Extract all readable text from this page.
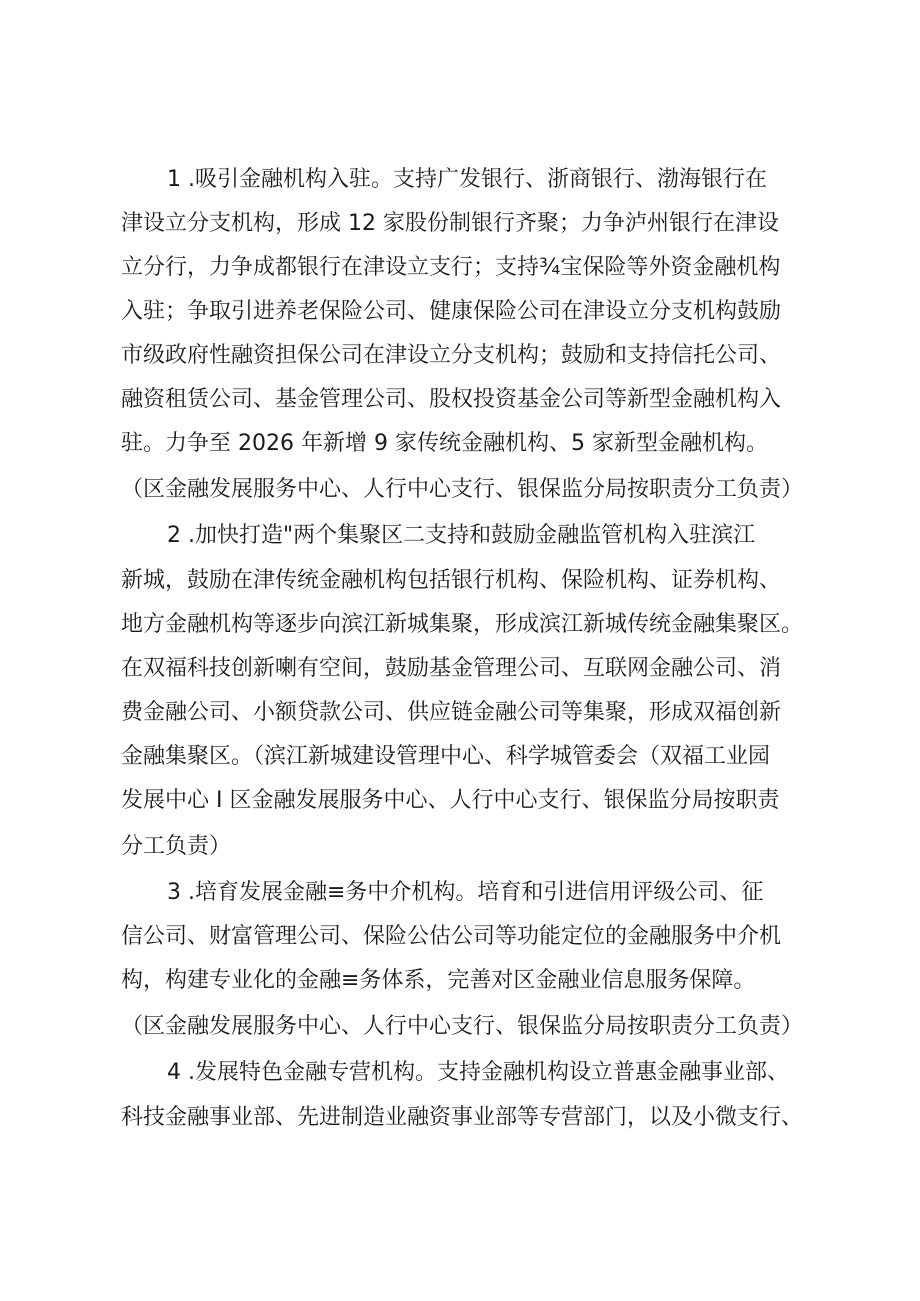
1 .吸引金融机构入驻。支持广发银行、浙商银行、渤海银行在
津设立分支机构，形成 12 家股份制银行齐聚；力争泸州银行在津设
立分行，力争成都银行在津设立支行；支持¾宝保险等外资金融机构
入驻；争取引进养老保险公司、健康保险公司在津设立分支机构鼓励
市级政府性融资担保公司在津设立分支机构；鼓励和支持信托公司、
融资租赁公司、基金管理公司、股权投资基金公司等新型金融机构入
驻。力争至 2026 年新增 9 家传统金融机构、5 家新型金融机构。
（区金融发展服务中心、人行中心支行、银保监分局按职责分工负责）
2 .加快打造"两个集聚区二支持和鼓励金融监管机构入驻滨江
新城，鼓励在津传统金融机构包括银行机构、保险机构、证券机构、
地方金融机构等逐步向滨江新城集聚，形成滨江新城传统金融集聚区。
在双福科技创新喇有空间，鼓励基金管理公司、互联网金融公司、消
费金融公司、小额贷款公司、供应链金融公司等集聚，形成双福创新
金融集聚区。（滨江新城建设管理中心、科学城管委会（双福工业园
发展中心 I 区金融发展服务中心、人行中心支行、银保监分局按职责
分工负责）
3 .培育发展金融≡务中介机构。培育和引进信用评级公司、征
信公司、财富管理公司、保险公估公司等功能定位的金融服务中介机
构，构建专业化的金融≡务体系，完善对区金融业信息服务保障。
（区金融发展服务中心、人行中心支行、银保监分局按职责分工负责）
4 .发展特色金融专营机构。支持金融机构设立普惠金融事业部、
科技金融事业部、先进制造业融资事业部等专营部门，以及小微支行、
